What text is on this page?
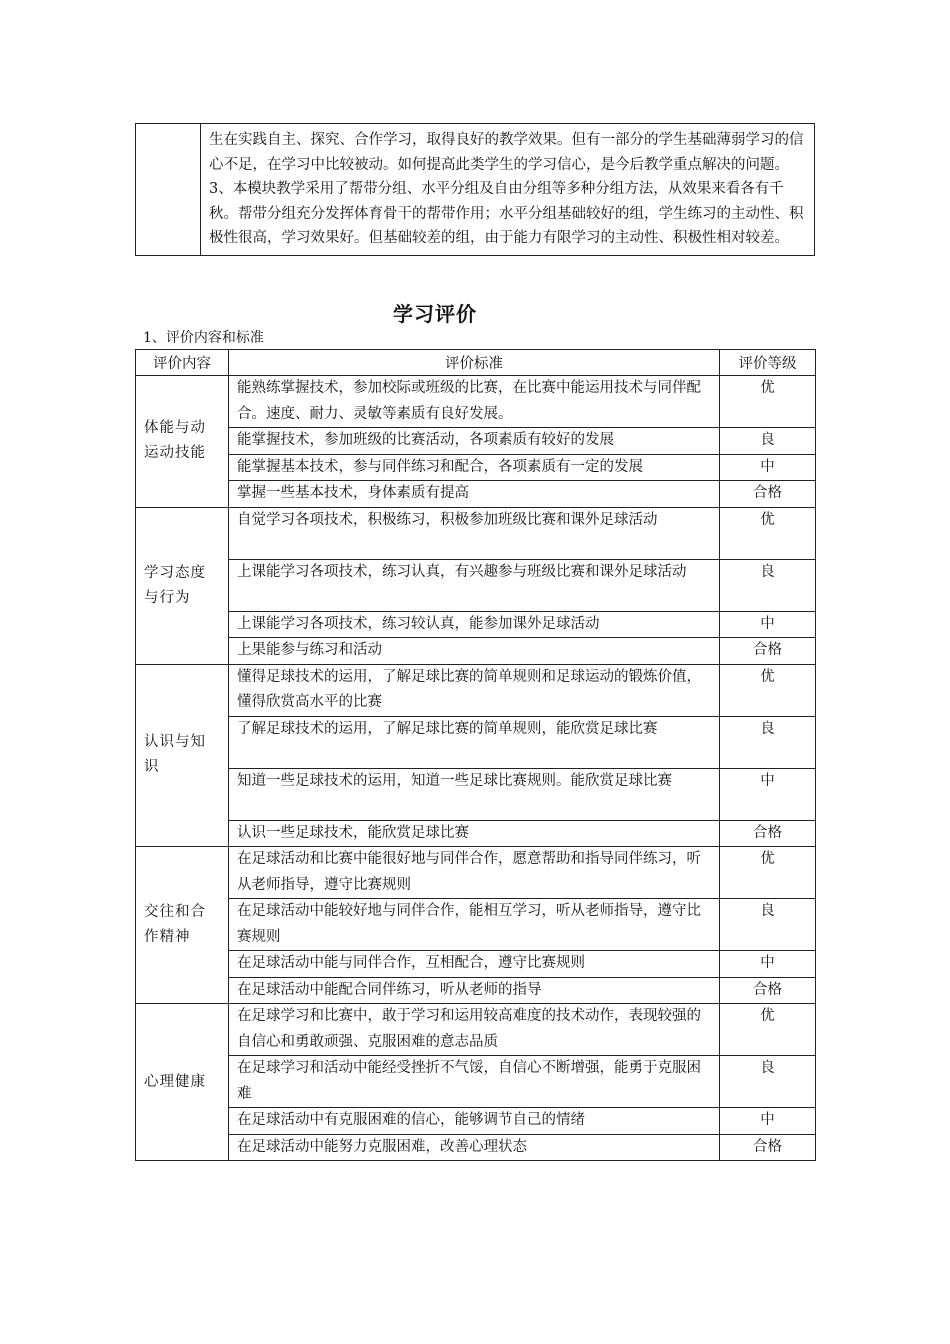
生在实践自主、探究、合作学习，取得良好的教学效果。但有一部分的学生基础薄弱学习的信心不足，在学习中比较被动。如何提高此类学生的学习信心，是今后教学重点解决的问题。

3、本模块教学采用了帮带分组、水平分组及自由分组等多种分组方法，从效果来看各有千秋。帮带分组充分发挥体育骨干的帮带作用；水平分组基础较好的组，学生练习的主动性、积极性很高，学习效果好。但基础较差的组，由于能力有限学习的主动性、积极性相对较差。

学习评价
1、评价内容和标准
评价内容	评价标准	评价等级
体能与动运动技能	能熟练掌握技术，参加校际或班级的比赛，在比赛中能运用技术与同伴配合。速度、耐力、灵敏等素质有良好发展。	优
	能掌握技术，参加班级的比赛活动，各项素质有较好的发展	良
	能掌握基本技术，参与同伴练习和配合，各项素质有一定的发展	中
	掌握一些基本技术，身体素质有提高	合格
学习态度与行为	自觉学习各项技术，积极练习，积极参加班级比赛和课外足球活动	优
	上课能学习各项技术，练习认真，有兴趣参与班级比赛和课外足球活动	良
	上课能学习各项技术，练习较认真，能参加课外足球活动	中
	上果能参与练习和活动	合格
认识与知识	懂得足球技术的运用，了解足球比赛的简单规则和足球运动的锻炼价值，懂得欣赏高水平的比赛	优
	了解足球技术的运用，了解足球比赛的简单规则，能欣赏足球比赛	良
	知道一些足球技术的运用，知道一些足球比赛规则。能欣赏足球比赛	中
	认识一些足球技术，能欣赏足球比赛	合格
交往和合作精神	在足球活动和比赛中能很好地与同伴合作，愿意帮助和指导同伴练习，听从老师指导，遵守比赛规则	优
	在足球活动中能较好地与同伴合作，能相互学习，听从老师指导，遵守比赛规则	良
	在足球活动中能与同伴合作，互相配合，遵守比赛规则	中
	在足球活动中能配合同伴练习，听从老师的指导	合格
心理健康	在足球学习和比赛中，敢于学习和运用较高难度的技术动作，表现较强的自信心和勇敢顽强、克服困难的意志品质	优
	在足球学习和活动中能经受挫折不气馁，自信心不断增强，能勇于克服困难	良
	在足球活动中有克服困难的信心，能够调节自己的情绪	中
	在足球活动中能努力克服困难，改善心理状态	合格
